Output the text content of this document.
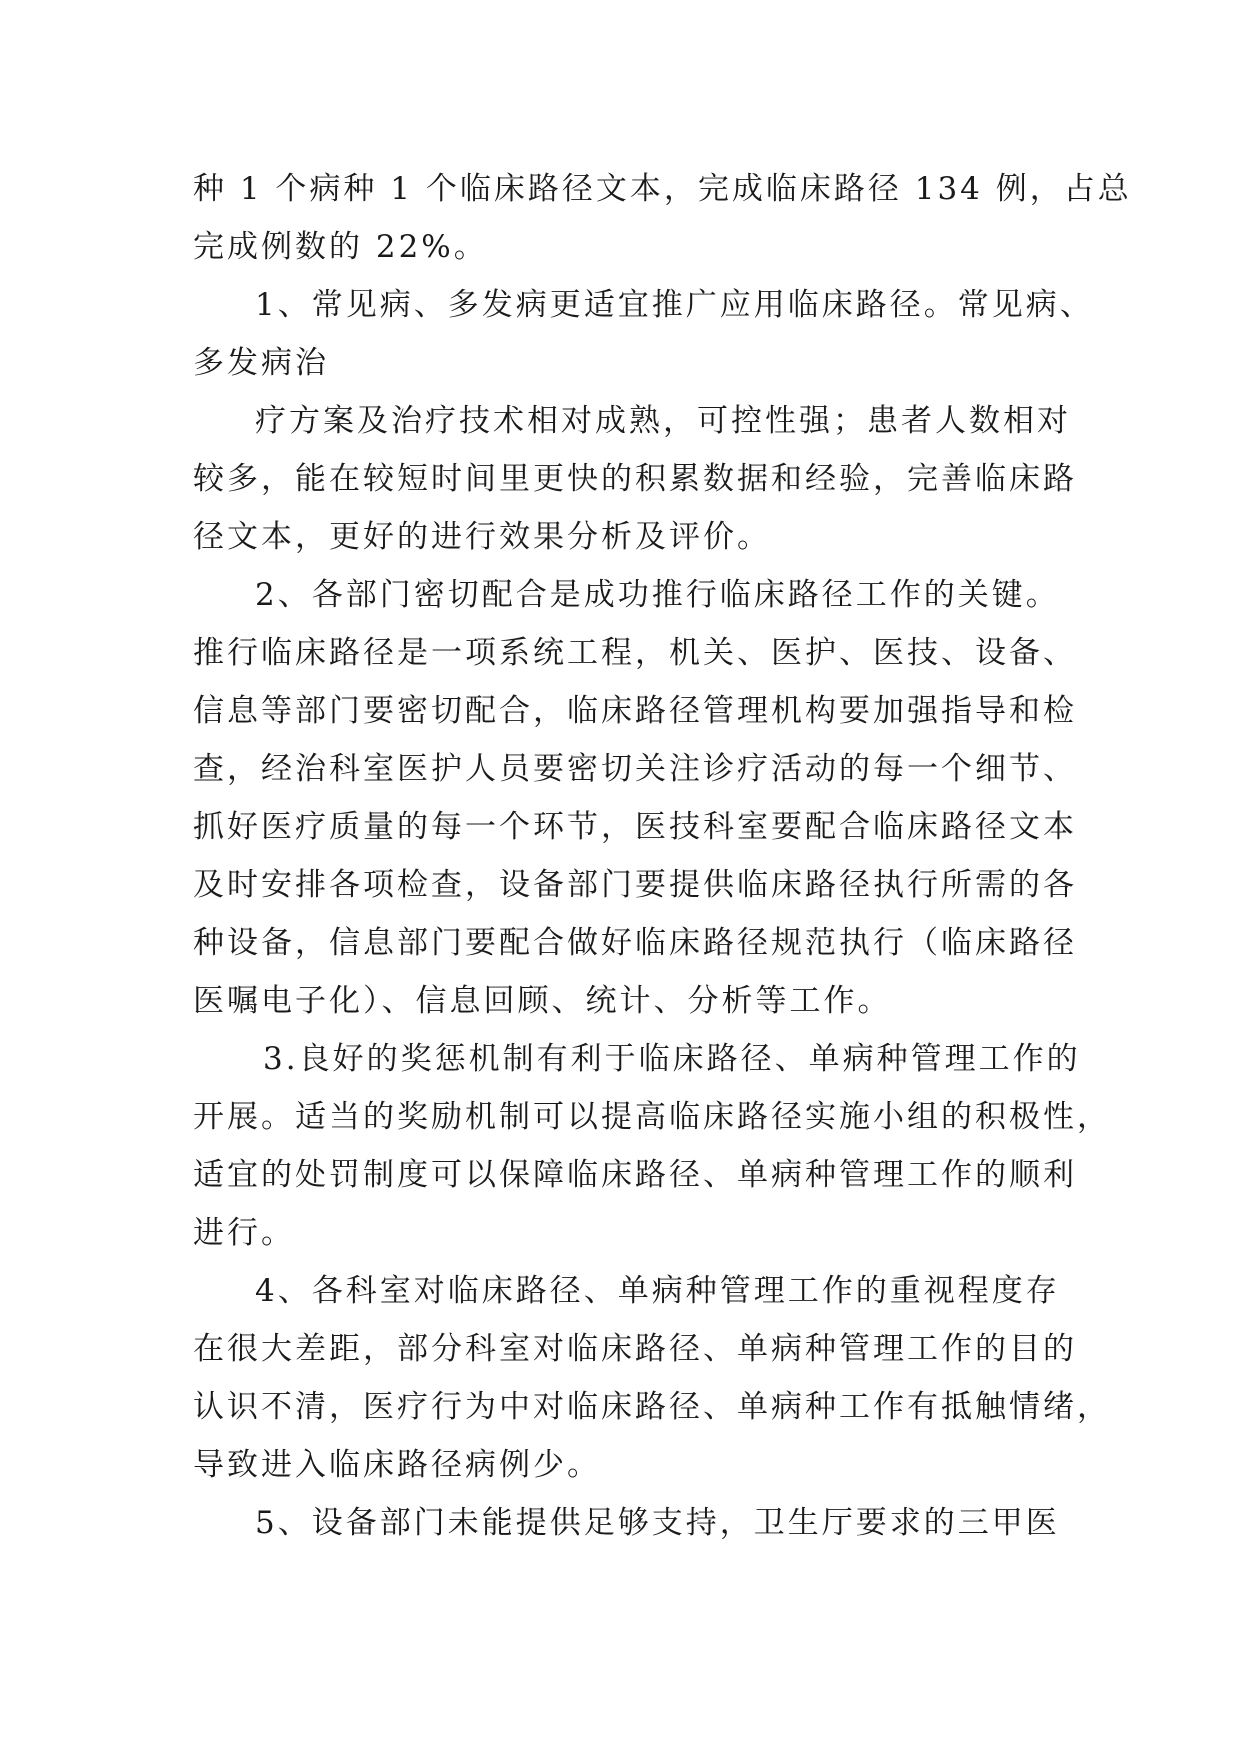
种 1 个病种 1 个临床路径文本，完成临床路径 134 例，占总
完成例数的 22%。
1、常见病、多发病更适宜推广应用临床路径。常见病、
多发病治
疗方案及治疗技术相对成熟，可控性强；患者人数相对
较多，能在较短时间里更快的积累数据和经验，完善临床路
径文本，更好的进行效果分析及评价。
2、各部门密切配合是成功推行临床路径工作的关键。
推行临床路径是一项系统工程，机关、医护、医技、设备、
信息等部门要密切配合，临床路径管理机构要加强指导和检
查，经治科室医护人员要密切关注诊疗活动的每一个细节、
抓好医疗质量的每一个环节，医技科室要配合临床路径文本
及时安排各项检查，设备部门要提供临床路径执行所需的各
种设备，信息部门要配合做好临床路径规范执行（临床路径
医嘱电子化）、信息回顾、统计、分析等工作。
3.良好的奖惩机制有利于临床路径、单病种管理工作的
开展。适当的奖励机制可以提高临床路径实施小组的积极性，
适宜的处罚制度可以保障临床路径、单病种管理工作的顺利
进行。
4、各科室对临床路径、单病种管理工作的重视程度存
在很大差距，部分科室对临床路径、单病种管理工作的目的
认识不清，医疗行为中对临床路径、单病种工作有抵触情绪，
导致进入临床路径病例少。
5、设备部门未能提供足够支持，卫生厅要求的三甲医
